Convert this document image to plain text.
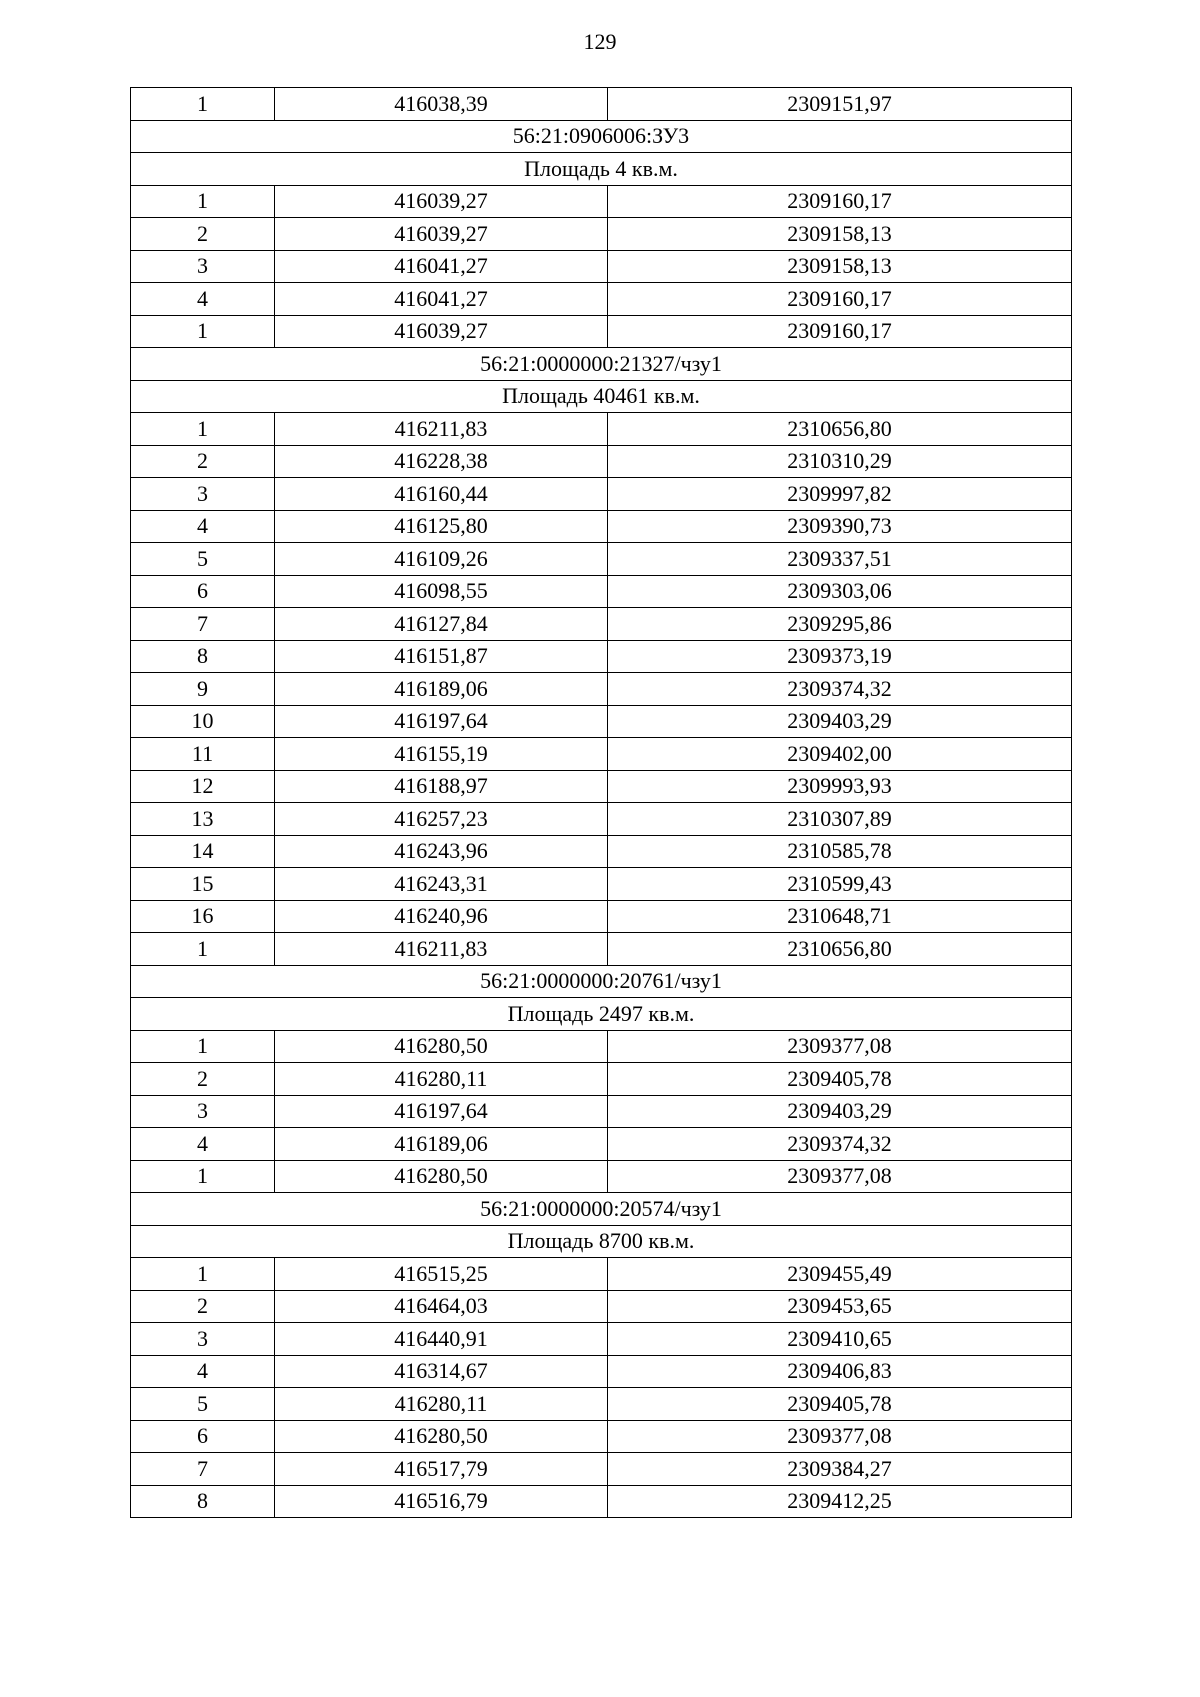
129
1	416038,39	2309151,97
56:21:0906006:ЗУ3		
Площадь 4 кв.м.		
1	416039,27	2309160,17
2	416039,27	2309158,13
3	416041,27	2309158,13
4	416041,27	2309160,17
1	416039,27	2309160,17
56:21:0000000:21327/чзу1		
Площадь 40461 кв.м.		
1	416211,83	2310656,80
2	416228,38	2310310,29
3	416160,44	2309997,82
4	416125,80	2309390,73
5	416109,26	2309337,51
6	416098,55	2309303,06
7	416127,84	2309295,86
8	416151,87	2309373,19
9	416189,06	2309374,32
10	416197,64	2309403,29
11	416155,19	2309402,00
12	416188,97	2309993,93
13	416257,23	2310307,89
14	416243,96	2310585,78
15	416243,31	2310599,43
16	416240,96	2310648,71
1	416211,83	2310656,80
56:21:0000000:20761/чзу1		
Площадь 2497 кв.м.		
1	416280,50	2309377,08
2	416280,11	2309405,78
3	416197,64	2309403,29
4	416189,06	2309374,32
1	416280,50	2309377,08
56:21:0000000:20574/чзу1		
Площадь 8700 кв.м.		
1	416515,25	2309455,49
2	416464,03	2309453,65
3	416440,91	2309410,65
4	416314,67	2309406,83
5	416280,11	2309405,78
6	416280,50	2309377,08
7	416517,79	2309384,27
8	416516,79	2309412,25
